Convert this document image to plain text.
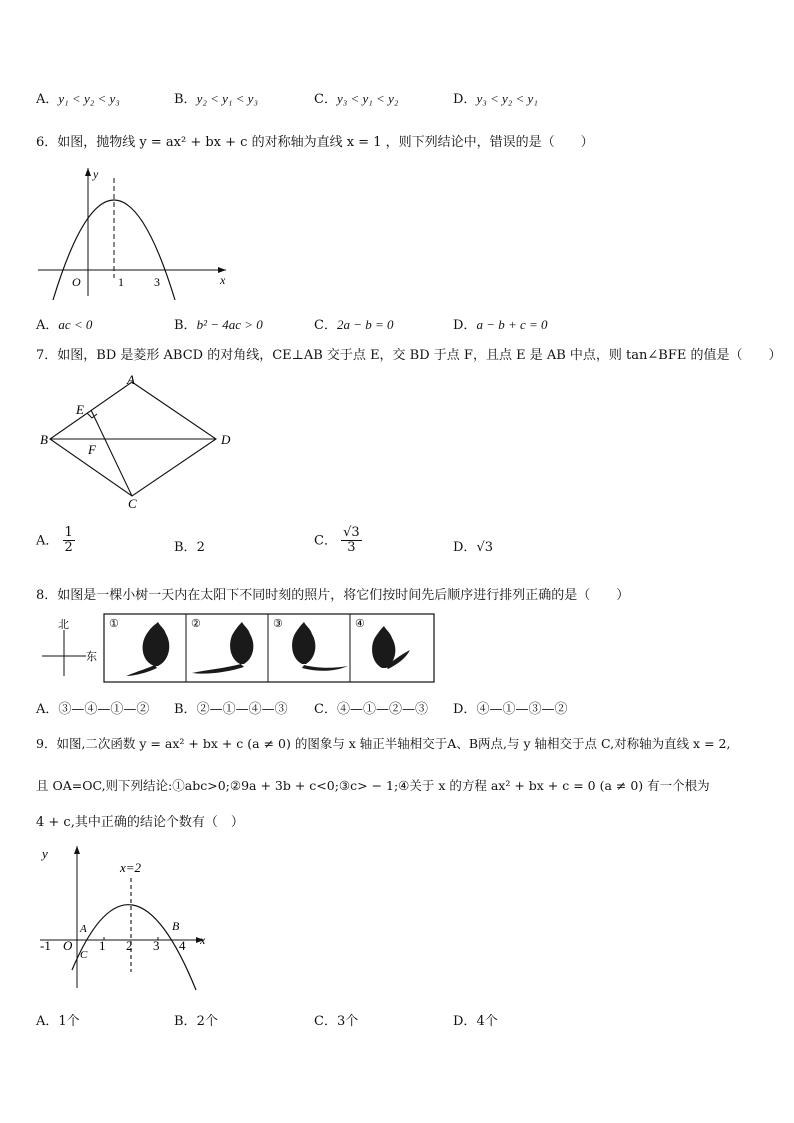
A．y₁ < y₂ < y₃	B．y₂ < y₁ < y₃	C．y₃ < y₁ < y₂	D．y₃ < y₂ < y₁
6．如图，抛物线 y = ax² + bx + c 的对称轴为直线 x = 1 ，则下列结论中，错误的是（　　）
y
x
O	1	3
A．ac < 0	B．b² − 4ac > 0	C．2a − b = 0	D．a − b + c = 0
7．如图，BD 是菱形 ABCD 的对角线，CE⊥AB 交于点 E，交 BD 于点 F，且点 E 是 AB 中点，则 tan∠BFE 的值是（　　）
A
B
C
D
E
F
A． $\frac{1}{2}$	B．2	C． $\frac{√3}{3}$	D．√3
8．如图是一棵小树一天内在太阳下不同时刻的照片，将它们按时间先后顺序进行排列正确的是（　　）
北
东
①	②	③	④
A．③—④—①—② B．②—①—④—③ C．④—①—②—③ D．④—①—③—②
9．如图,二次函数 y = ax² + bx + c (a ≠ 0) 的图象与 x 轴正半轴相交于A、B两点,与 y 轴相交于点 C,对称轴为直线 x = 2,
且 OA=OC,则下列结论:①abc>0;②9a + 3b + c<0;③c> − 1;④关于 x 的方程 ax² + bx + c = 0 (a ≠ 0) 有一个根为
4 + c,其中正确的结论个数有（　）
y
x
x=2
-1 O 1 2 3 4
A	B
C
A．1个	B．2个	C．3个	D．4个
